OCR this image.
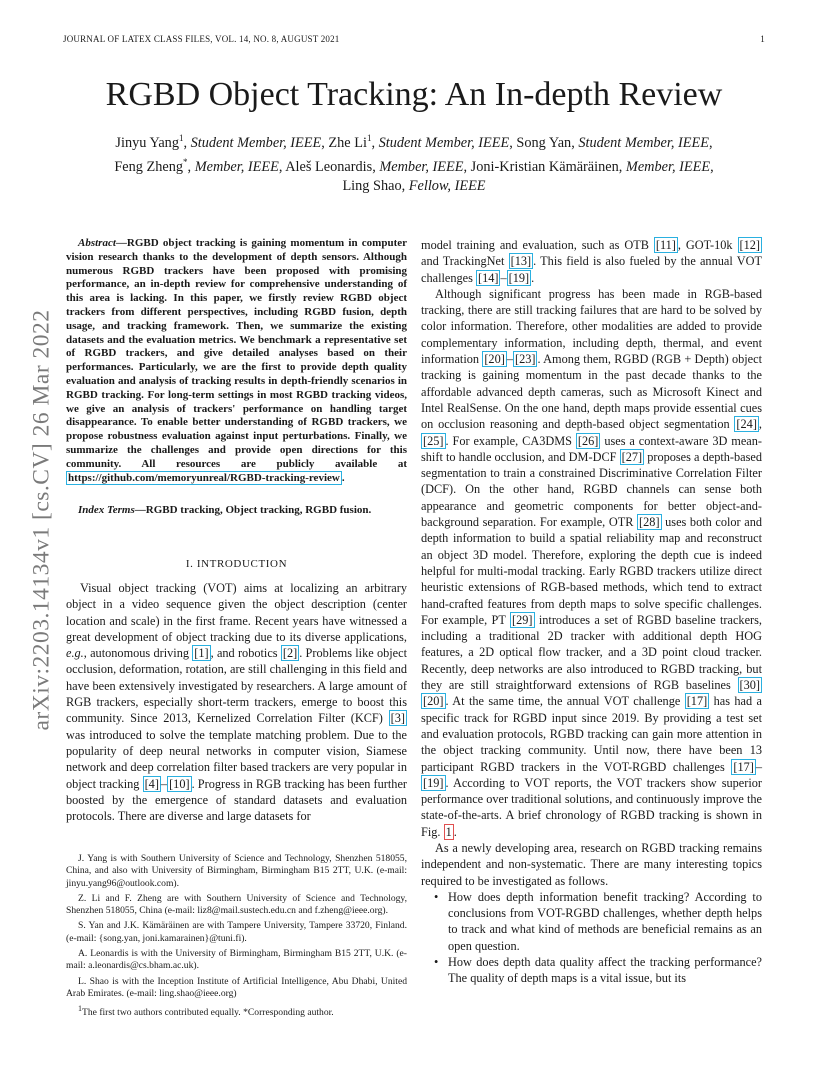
JOURNAL OF LATEX CLASS FILES, VOL. 14, NO. 8, AUGUST 2021	1
arXiv:2203.14134v1 [cs.CV] 26 Mar 2022
RGBD Object Tracking: An In-depth Review
Jinyu Yang$^1$, Student Member, IEEE, Zhe Li$^1$, Student Member, IEEE, Song Yan, Student Member, IEEE,
Feng Zheng*, Member, IEEE, Aleš Leonardis, Member, IEEE, Joni-Kristian Kämäräinen, Member, IEEE,
Ling Shao, Fellow, IEEE
Abstract—RGBD object tracking is gaining momentum in computer vision research thanks to the development of depth sensors. Although numerous RGBD trackers have been proposed with promising performance, an in-depth review for comprehensive understanding of this area is lacking. In this paper, we firstly review RGBD object trackers from different perspectives, including RGBD fusion, depth usage, and tracking framework. Then, we summarize the existing datasets and the evaluation metrics. We benchmark a representative set of RGBD trackers, and give detailed analyses based on their performances. Particularly, we are the first to provide depth quality evaluation and analysis of tracking results in depth-friendly scenarios in RGBD tracking. For long-term settings in most RGBD tracking videos, we give an analysis of trackers' performance on handling target disappearance. To enable better understanding of RGBD trackers, we propose robustness evaluation against input perturbations. Finally, we summarize the challenges and provide open directions for this community. All resources are publicly available at https://github.com/memoryunreal/RGBD-tracking-review .
Index Terms—RGBD tracking, Object tracking, RGBD fusion.
I. INTRODUCTION

Visual object tracking (VOT) aims at localizing an arbitrary object in a video sequence given the object description (center location and scale) in the first frame. Recent years have witnessed a great development of object tracking due to its diverse applications, e.g., autonomous driving [1] , and robotics [2] . Problems like object occlusion, deformation, rotation, are still challenging in this field and have been extensively investigated by researchers. A large amount of RGB trackers, especially short-term trackers, emerge to boost this community. Since 2013, Kernelized Correlation Filter (KCF) [3] was introduced to solve the template matching problem. Due to the popularity of deep neural networks in computer vision, Siamese network and deep correlation filter based trackers are very popular in object tracking [4] – [10] . Progress in RGB tracking has been further boosted by the emergence of standard datasets and evaluation protocols. There are diverse and large datasets for

J. Yang is with Southern University of Science and Technology, Shenzhen 518055, China, and also with University of Birmingham, Birmingham B15 2TT, U.K. (e-mail: jinyu.yang96@outlook.com).

Z. Li and F. Zheng are with Southern University of Science and Technology, Shenzhen 518055, China (e-mail: liz8@mail.sustech.edu.cn and f.zheng@ieee.org).

S. Yan and J.K. Kämäräinen are with Tampere University, Tampere 33720, Finland. (e-mail: {song.yan, joni.kamarainen}@tuni.fi).

A. Leonardis is with the University of Birmingham, Birmingham B15 2TT, U.K. (e-mail: a.leonardis@cs.bham.ac.uk).

L. Shao is with the Inception Institute of Artificial Intelligence, Abu Dhabi, United Arab Emirates. (e-mail: ling.shao@ieee.org)

$^1$The first two authors contributed equally. *Corresponding author.

model training and evaluation, such as OTB [11] , GOT-10k [12] and TrackingNet [13] . This field is also fueled by the annual VOT challenges [14] – [19] .

Although significant progress has been made in RGB-based tracking, there are still tracking failures that are hard to be solved by color information. Therefore, other modalities are added to provide complementary information, including depth, thermal, and event information [20] – [23] . Among them, RGBD (RGB + Depth) object tracking is gaining momentum in the past decade thanks to the affordable advanced depth cameras, such as Microsoft Kinect and Intel RealSense. On the one hand, depth maps provide essential cues on occlusion reasoning and depth-based object segmentation [24] , [25] . For example, CA3DMS [26] uses a context-aware 3D mean-shift to handle occlusion, and DM-DCF [27] proposes a depth-based segmentation to train a constrained Discriminative Correlation Filter (DCF). On the other hand, RGBD channels can sense both appearance and geometric components for better object-and-background separation. For example, OTR [28] uses both color and depth information to build a spatial reliability map and reconstruct an object 3D model. Therefore, exploring the depth cue is indeed helpful for multi-modal tracking. Early RGBD trackers utilize direct heuristic extensions of RGB-based methods, which tend to extract hand-crafted features from depth maps to solve specific challenges. For example, PT [29] introduces a set of RGBD baseline trackers, including a traditional 2D tracker with additional depth HOG features, a 2D optical flow tracker, and a 3D point cloud tracker. Recently, deep networks are also introduced to RGBD tracking, but they are still straightforward extensions of RGB baselines [30] [20] . At the same time, the annual VOT challenge [17] has had a specific track for RGBD input since 2019. By providing a test set and evaluation protocols, RGBD tracking can gain more attention in the object tracking community. Until now, there have been 13 participant RGBD trackers in the VOT-RGBD challenges [17] –[19] . According to VOT reports, the VOT trackers show superior performance over traditional solutions, and continuously improve the state-of-the-arts. A brief chronology of RGBD tracking is shown in Fig. 1 .

As a newly developing area, research on RGBD tracking remains independent and non-systematic. There are many interesting topics required to be investigated as follows.

• How does depth information benefit tracking? According to conclusions from VOT-RGBD challenges, whether depth helps to track and what kind of methods are beneficial remains as an open question.
• How does depth data quality affect the tracking performance? The quality of depth maps is a vital issue, but its
